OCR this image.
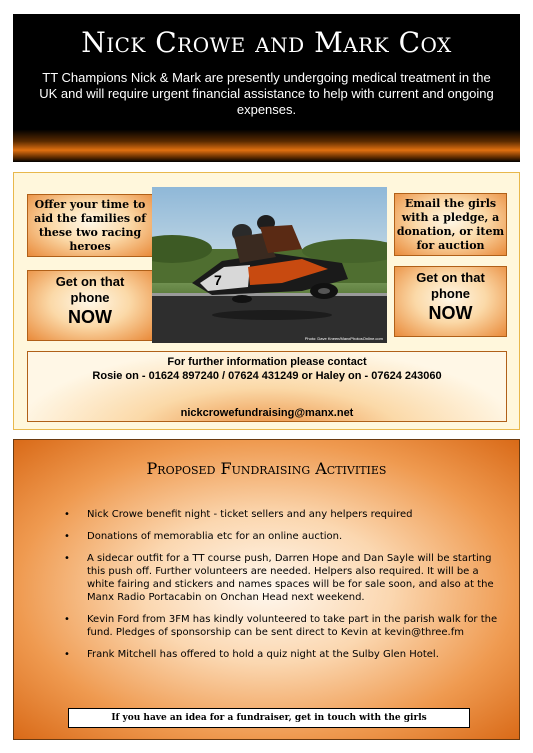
Nick Crowe and Mark Cox
TT Champions Nick & Mark are presently undergoing medical treatment in the UK and will require urgent financial assistance to help with current and ongoing expenses.
Offer your time to
aid the families of
these two racing
heroes
Get on that
phone
NOW
7
Photo: Dave Kneen/ManxPhotosOnline.com
Email the girls
with a pledge, a
donation, or item
for auction
Get on that
phone
NOW
For further information please contact
Rosie on - 01624 897240 / 07624 431249 or Haley on - 07624 243060
nickcrowefundraising@manx.net
Proposed Fundraising Activities
• Nick Crowe benefit night - ticket sellers and any helpers required
• Donations of memorablia etc for an online auction.
• A sidecar outfit for a TT course push, Darren Hope and Dan Sayle will be starting this push off. Further volunteers are needed. Helpers also required. It will be a white fairing and stickers and names spaces will be for sale soon, and also at the Manx Radio Portacabin on Onchan Head next weekend.
• Kevin Ford from 3FM has kindly volunteered to take part in the parish walk for the fund. Pledges of sponsorship can be sent direct to Kevin at kevin@three.fm
• Frank Mitchell has offered to hold a quiz night at the Sulby Glen Hotel.
If you have an idea for a fundraiser, get in touch with the girls
